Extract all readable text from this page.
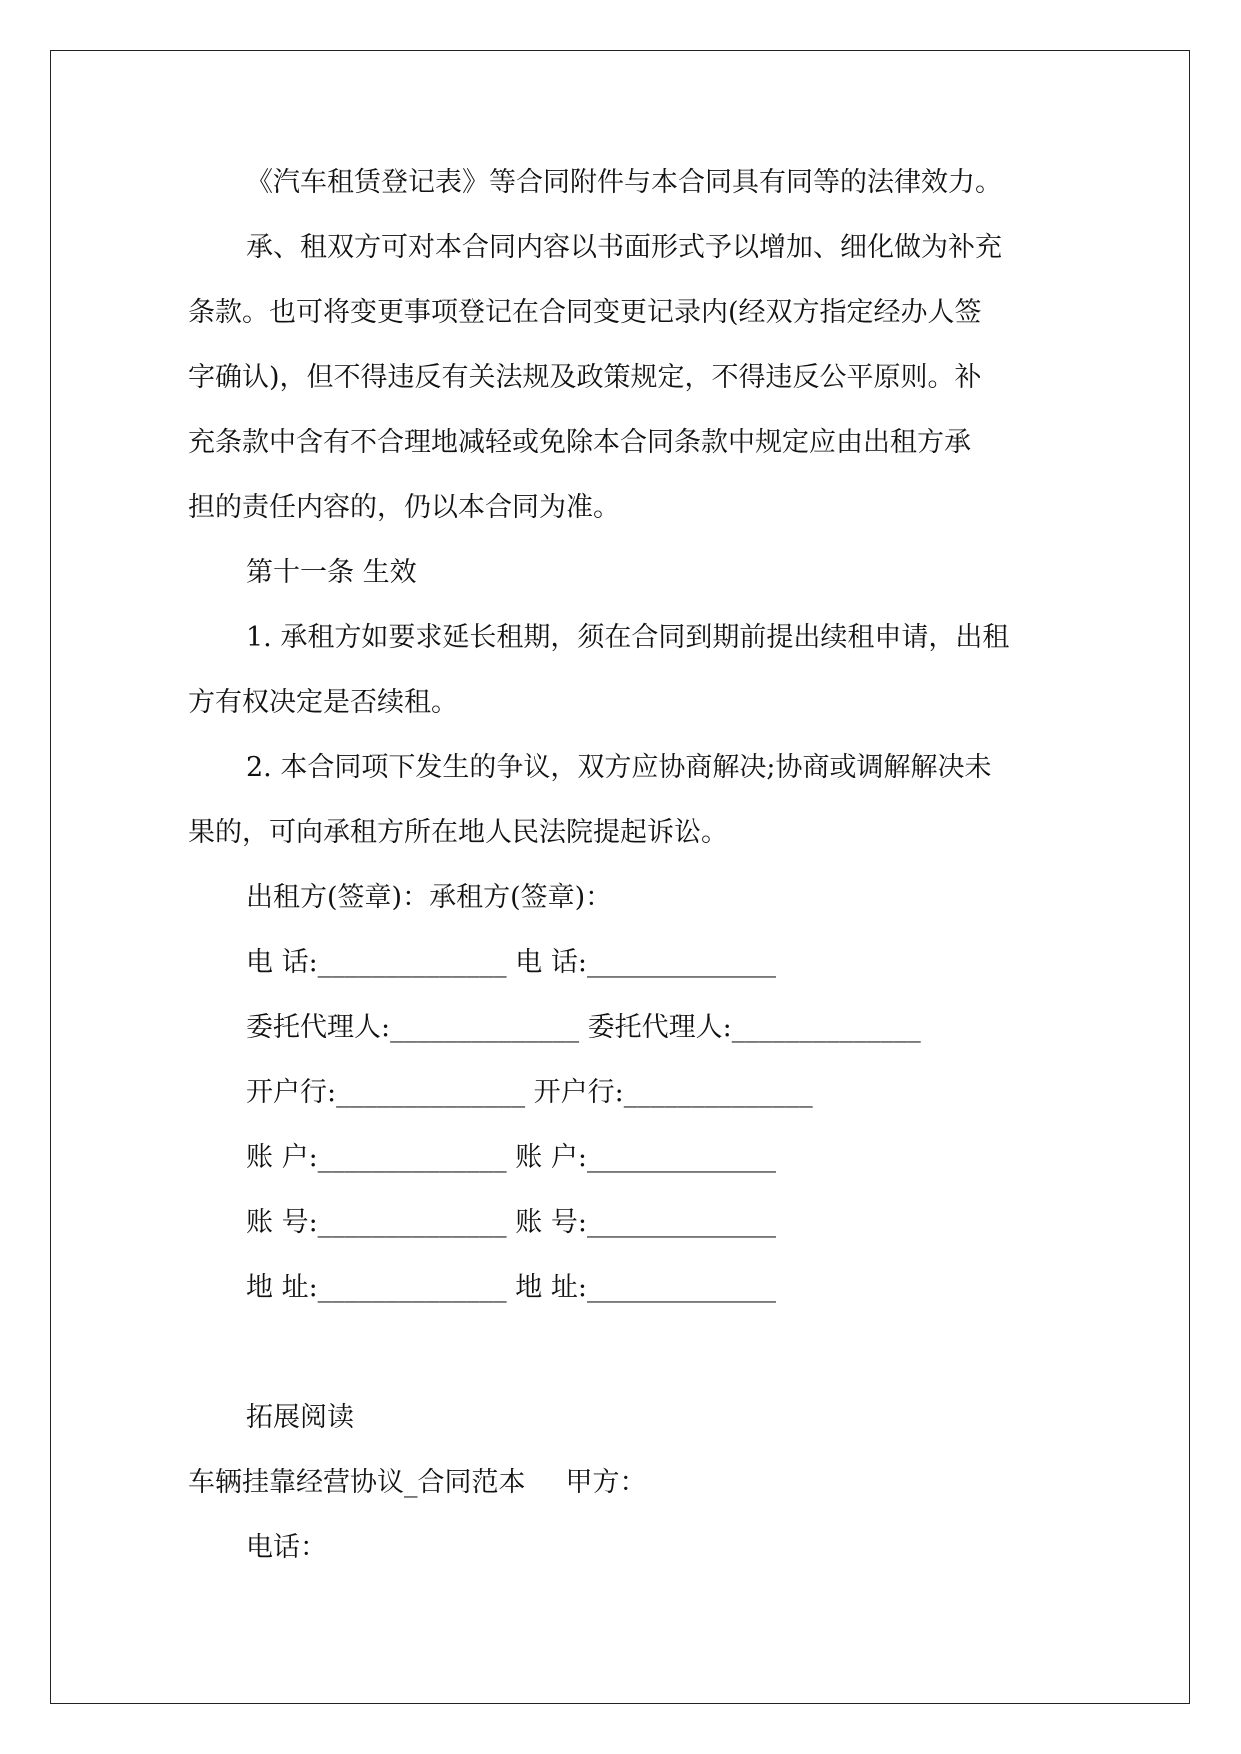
《汽车租赁登记表》等合同附件与本合同具有同等的法律效力。
承、租双方可对本合同内容以书面形式予以增加、细化做为补充
条款。也可将变更事项登记在合同变更记录内(经双方指定经办人签
字确认)，但不得违反有关法规及政策规定，不得违反公平原则。补
充条款中含有不合理地减轻或免除本合同条款中规定应由出租方承
担的责任内容的，仍以本合同为准。
第十一条 生效
1. 承租方如要求延长租期，须在合同到期前提出续租申请，出租
方有权决定是否续租。
2. 本合同项下发生的争议，双方应协商解决;协商或调解解决未
果的，可向承租方所在地人民法院提起诉讼。
出租方(签章)：承租方(签章)：
电 话:______________ 电 话:______________
委托代理人:______________ 委托代理人:______________
开户行:______________ 开户行:______________
账 户:______________ 账 户:______________
账 号:______________ 账 号:______________
地 址:______________ 地 址:______________
拓展阅读
车辆挂靠经营协议_合同范本 甲方：
电话：
